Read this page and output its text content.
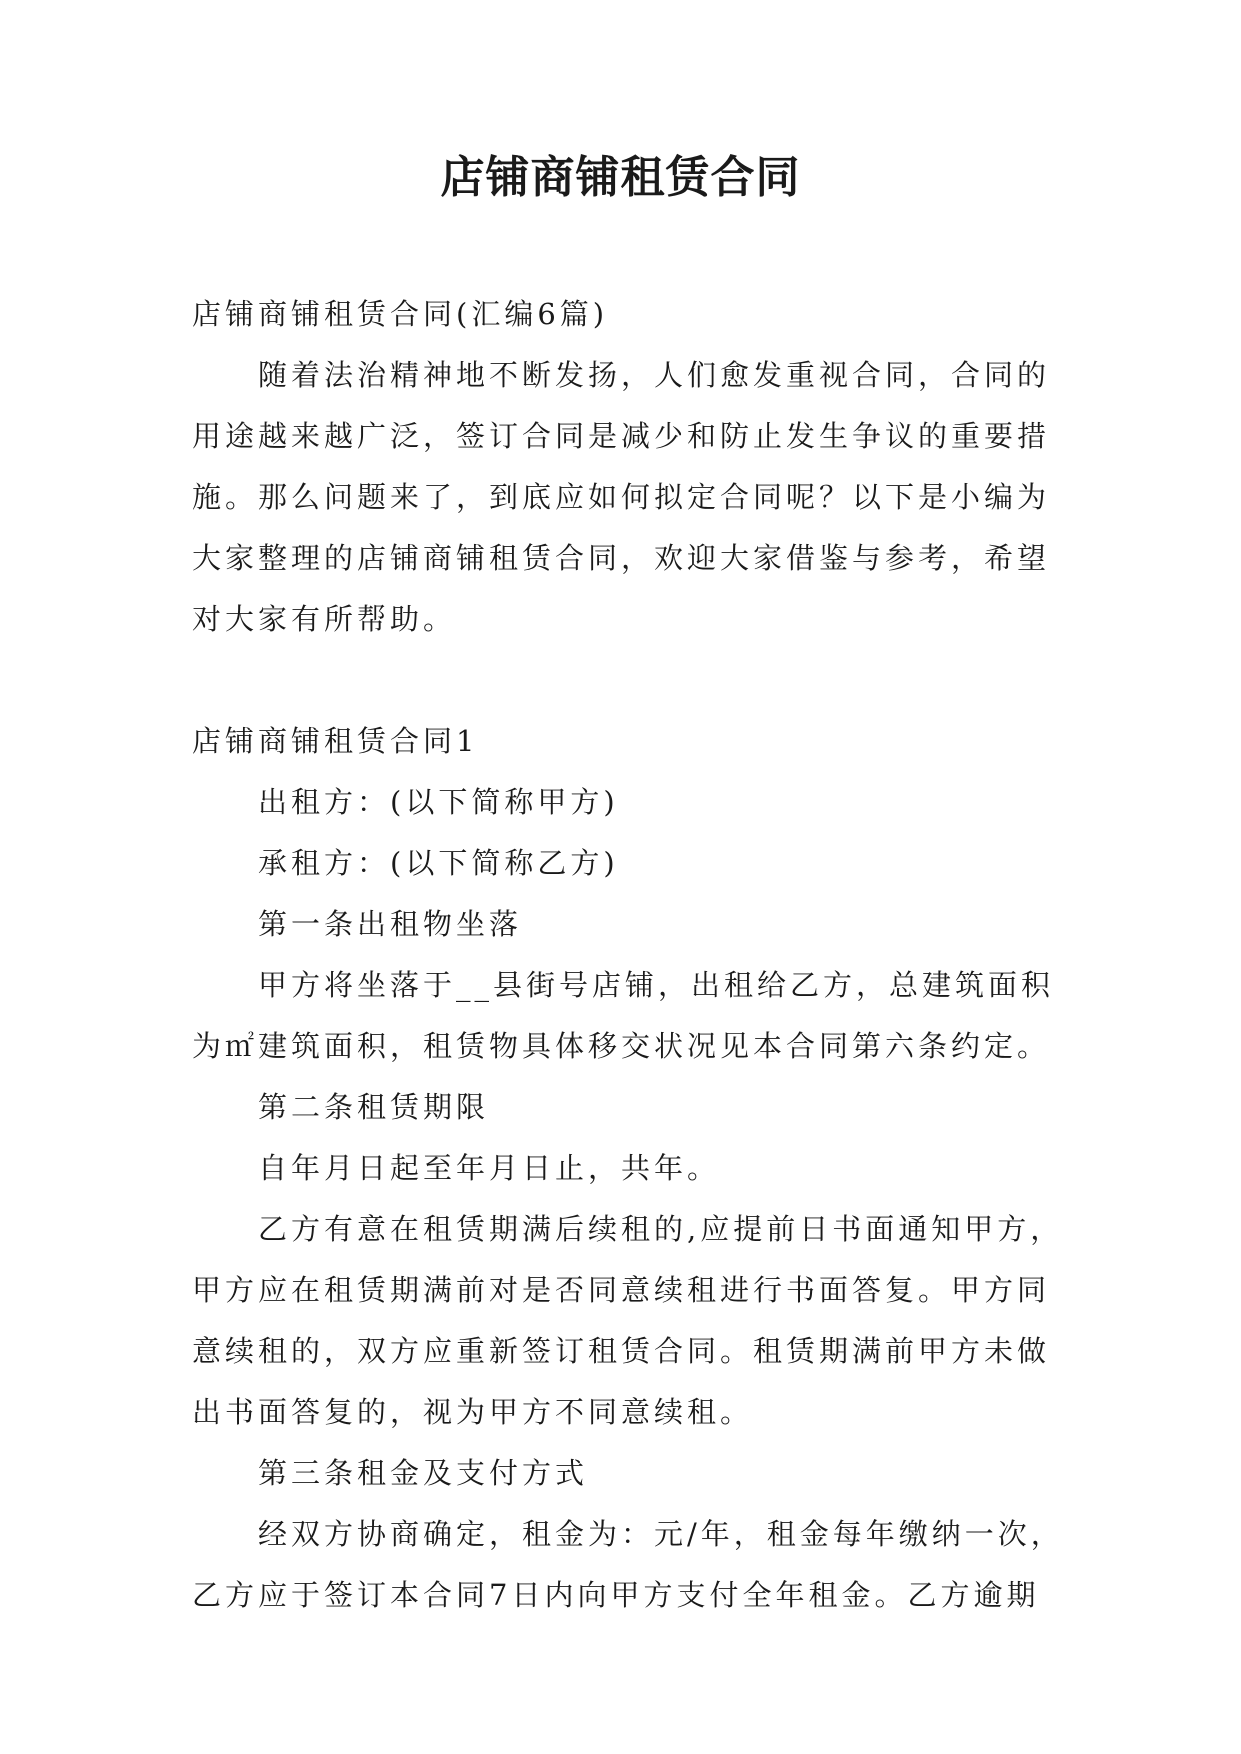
店铺商铺租赁合同

店铺商铺租赁合同(汇编6篇)

随着法治精神地不断发扬，人们愈发重视合同，合同的

用途越来越广泛，签订合同是减少和防止发生争议的重要措

施。那么问题来了，到底应如何拟定合同呢？以下是小编为

大家整理的店铺商铺租赁合同，欢迎大家借鉴与参考，希望

对大家有所帮助。

店铺商铺租赁合同1

出租方：(以下简称甲方)

承租方：(以下简称乙方)

第一条出租物坐落

甲方将坐落于__县街号店铺，出租给乙方，总建筑面积

为㎡建筑面积，租赁物具体移交状况见本合同第六条约定。

第二条租赁期限

自年月日起至年月日止，共年。

乙方有意在租赁期满后续租的,应提前日书面通知甲方，

甲方应在租赁期满前对是否同意续租进行书面答复。甲方同

意续租的，双方应重新签订租赁合同。租赁期满前甲方未做

出书面答复的，视为甲方不同意续租。

第三条租金及支付方式

经双方协商确定，租金为：元/年，租金每年缴纳一次，

乙方应于签订本合同7日内向甲方支付全年租金。乙方逾期
